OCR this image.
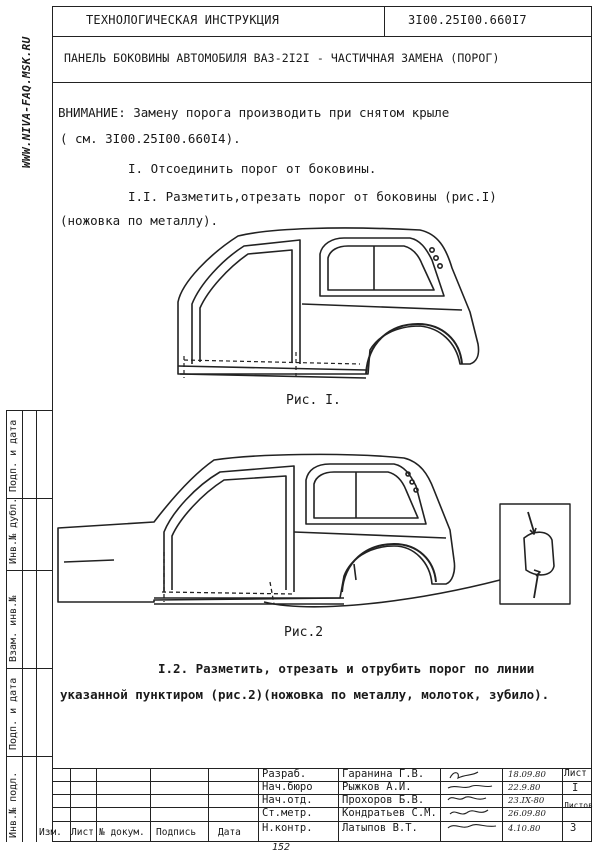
WWW.NIVA-FAQ.MSK.RU
ТЕХНОЛОГИЧЕСКАЯ ИНСТРУКЦИЯ	3I00.25I00.660I7
ПАНЕЛЬ БОКОВИНЫ АВТОМОБИЛЯ ВАЗ-2I2I - ЧАСТИЧНАЯ ЗАМЕНА (ПОРОГ)
ВНИМАНИЕ: Замену порога производить при снятом крыле
( см. 3I00.25I00.660I4).
I. Отсоединить порог от боковины.
I.I. Разметить,отрезать порог от боковины (рис.I)
(ножовка по металлу).
Рис. I.
Рис.2
I.2. Разметить, отрезать и отрубить порог по линии
указанной пунктиром (рис.2)(ножовка по металлу, молоток, зубило).
Подп. и дата
Инв.№ дубл.
Взам. инв.№
Подп. и дата
Инв.№ подл.	Разраб.	Гаранина Г.В.	18.09.80
Нач.бюро	Рыжков А.И.	22.9.80
Нач.отд.	Прохоров Б.В.	23.IX-80
Ст.метр.	Кондратьев С.М.	26.09.80
Н.контр.	Латыпов В.Т.	4.10.80
Изм. Лист № докум. Подпись Дата
Лист
I
Листов
3
152
